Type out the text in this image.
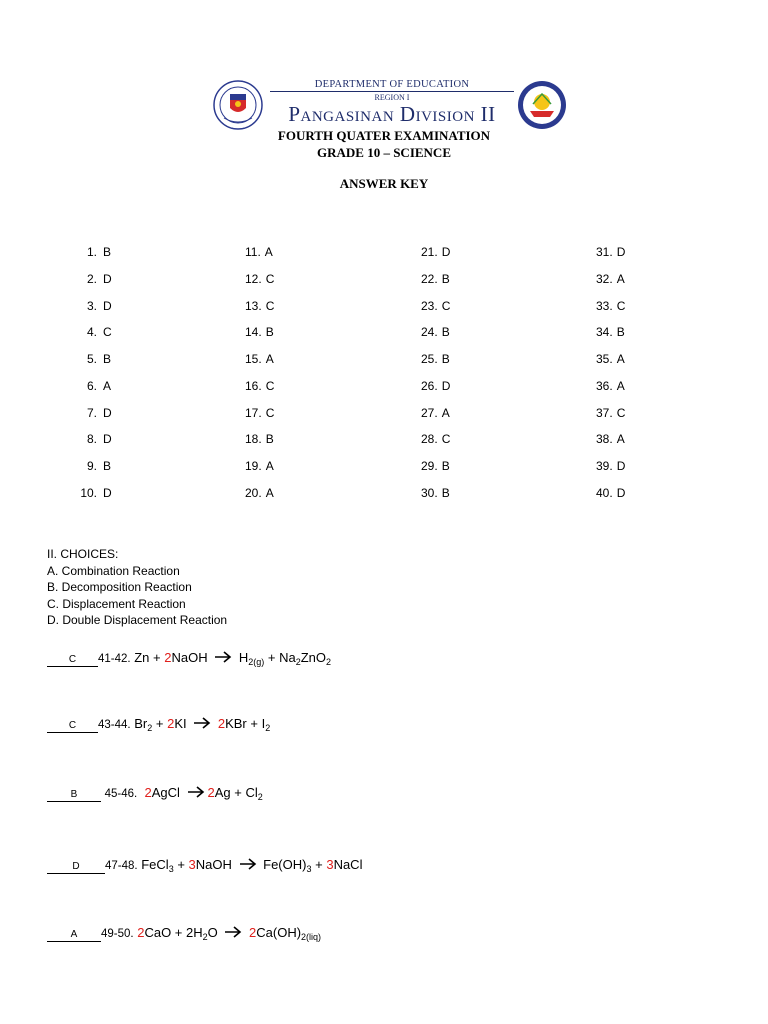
DEPARTMENT OF EDUCATION
REGION I
Pangasinan Division II
FOURTH QUATER EXAMINATION
GRADE 10 – SCIENCE
ANSWER KEY
1. B
2. D
3. D
4. C
5. B
6. A
7. D
8. D
9. B
10. D
11. A
12. C
13. C
14. B
15. A
16. C
17. C
18. B
19. A
20. A
21. D
22. B
23. C
24. B
25. B
26. D
27. A
28. C
29. B
30. B
31. D
32. A
33. C
34. B
35. A
36. A
37. C
38. A
39. D
40. D
II. CHOICES:
A. Combination Reaction
B. Decomposition Reaction
C. Displacement Reaction
D. Double Displacement Reaction
C 41-42. Zn + 2NaOH $H_{2(g)} + Na_2ZnO_2$
C 43-44. $Br_2 + 2KI$ $2KBr + I_2$
B 45-46. 2AgCl $2Ag + Cl_2$
D 47-48. FeCl$_3$ + 3NaOH $Fe(OH)_3$ + 3NaCl
A 49-50. $2CaO + 2H_2O$ $2Ca(OH)_{2(liq)}$
